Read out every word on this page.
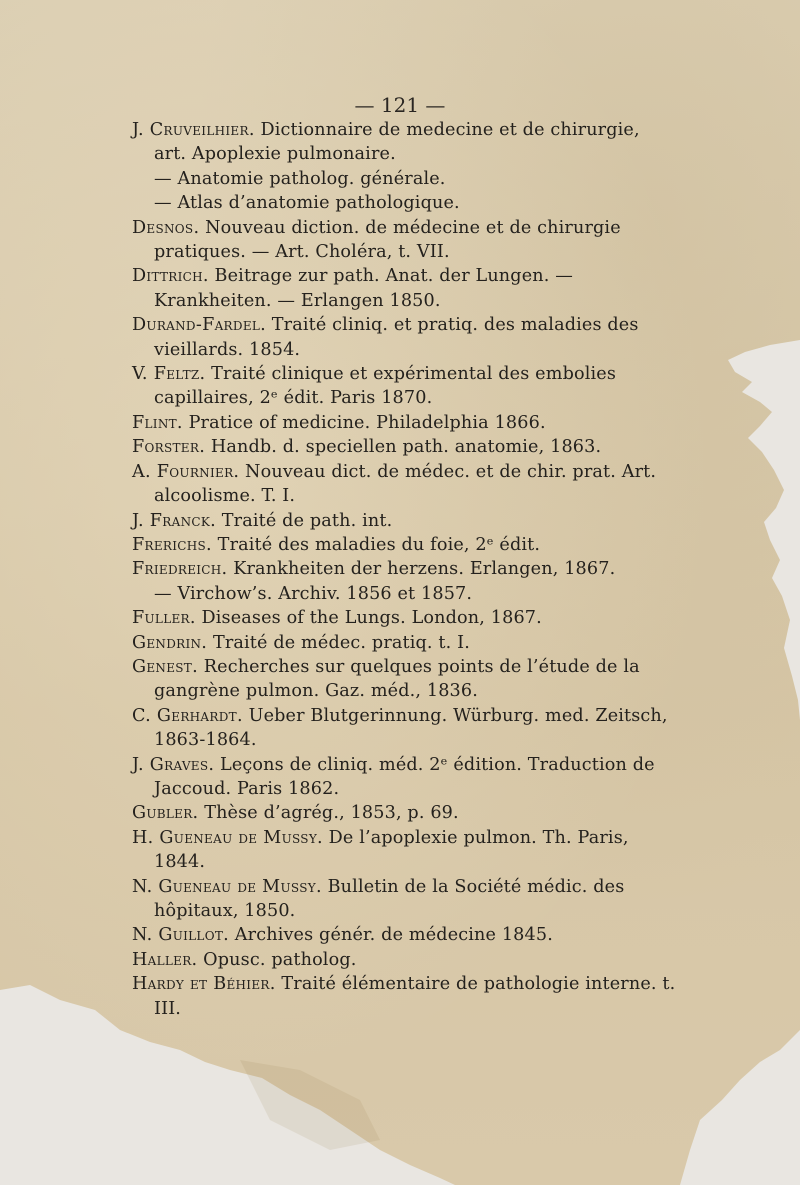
— 121 —

J. Cruveilhier. Dictionnaire de medecine et de chirurgie, art. Apoplexie pulmonaire.

— Anatomie patholog. générale.

— Atlas d’anatomie pathologique.

Desnos. Nouveau diction. de médecine et de chirurgie pratiques. — Art. Choléra, t. VII.

Dittrich. Beitrage zur path. Anat. der Lungen. — Krankheiten. — Erlangen 1850.

Durand-Fardel. Traité cliniq. et pratiq. des maladies des vieillards. 1854.

V. Feltz. Traité clinique et expérimental des embolies capillaires, 2ᵉ édit. Paris 1870.

Flint. Pratice of medicine. Philadelphia 1866.

Forster. Handb. d. speciellen path. anatomie, 1863.

A. Fournier. Nouveau dict. de médec. et de chir. prat. Art. alcoolisme. T. I.

J. Franck. Traité de path. int.

Frerichs. Traité des maladies du foie, 2ᵉ édit.

Friedreich. Krankheiten der herzens. Erlangen, 1867.

— Virchow’s. Archiv. 1856 et 1857.

Fuller. Diseases of the Lungs. London, 1867.

Gendrin. Traité de médec. pratiq. t. I.

Genest. Recherches sur quelques points de l’étude de la gangrène pulmon. Gaz. méd., 1836.

C. Gerhardt. Ueber Blutgerinnung. Würburg. med. Zeitsch, 1863-1864.

J. Graves. Leçons de cliniq. méd. 2ᵉ édition. Traduction de Jaccoud. Paris 1862.

Gubler. Thèse d’agrég., 1853, p. 69.

H. Gueneau de Mussy. De l’apoplexie pulmon. Th. Paris, 1844.

N. Gueneau de Mussy. Bulletin de la Société médic. des hôpitaux, 1850.

N. Guillot. Archives génér. de médecine 1845.

Haller. Opusc. patholog.

Hardy et Béhier. Traité élémentaire de pathologie interne. t. III.
